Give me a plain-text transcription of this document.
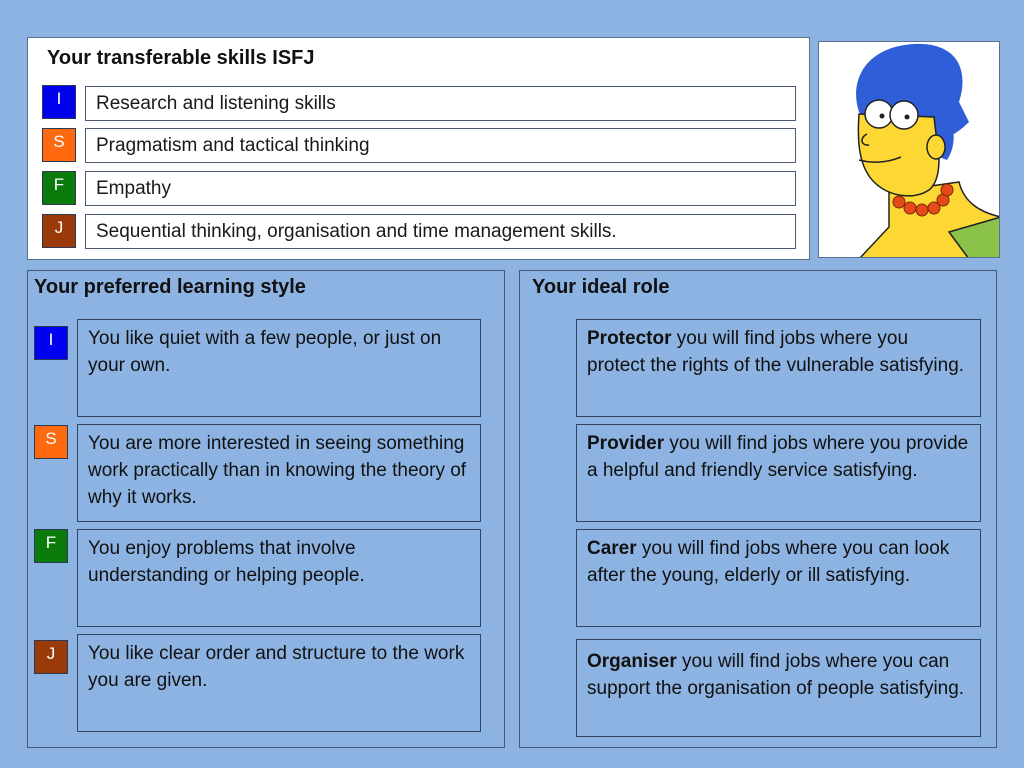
Your transferable skills ISFJ
I	Research and listening skills
S	Pragmatism and tactical thinking
F	Empathy
J	Sequential thinking, organisation and time management skills.
Your preferred learning style
I	You like quiet with a few people, or just on your own.
S	You are more interested in seeing something work practically than in knowing the theory of why it works.
F	You enjoy problems that involve understanding or helping people.
J	You like clear order and structure to the work you are given.
Your ideal role
Protector you will find jobs where you protect the rights of the vulnerable satisfying.
Provider you will find jobs where you provide a helpful and friendly service satisfying.
Carer you will find jobs where you can look after the young, elderly or ill satisfying.
Organiser you will find jobs where you can support the organisation of people satisfying.
